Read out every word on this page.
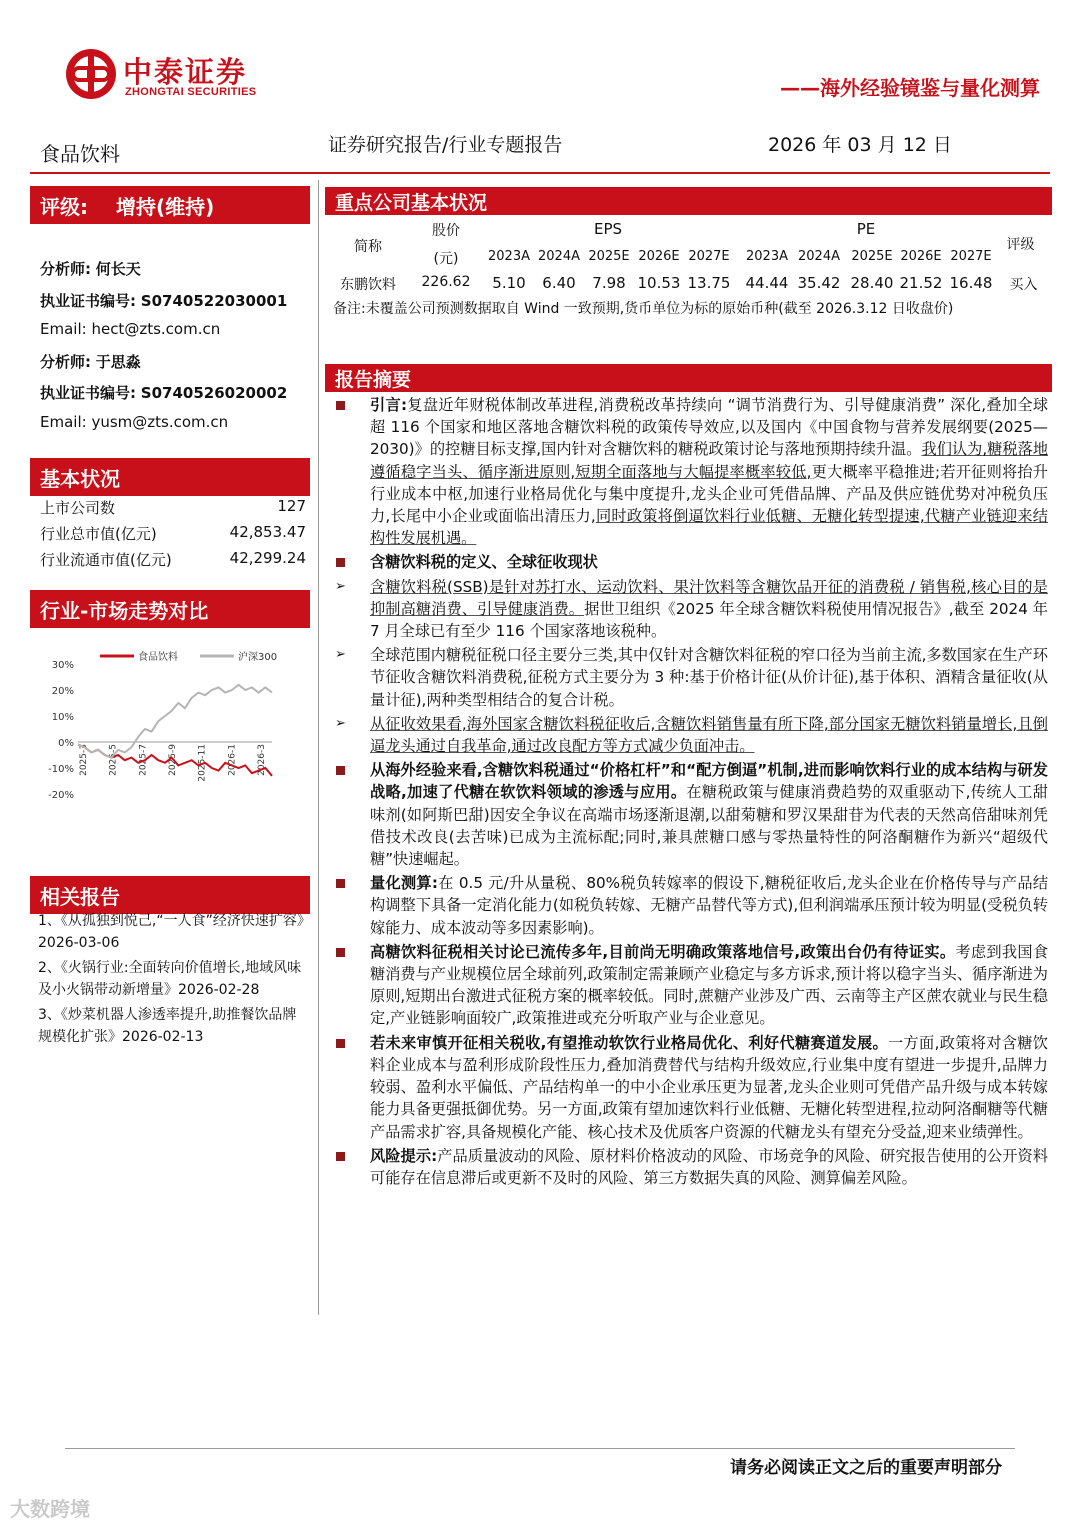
中泰证券
ZHONGTAI SECURITIES	——海外经验镜鉴与量化测算
食品饮料	证券研究报告/行业专题报告	2026 年 03 月 12 日
评级: 增持(维持)
分析师: 何长天
执业证书编号: S0740522030001
Email: hect@zts.com.cn
分析师: 于思淼
执业证书编号: S0740526020002
Email: yusm@zts.com.cn
基本状况
上市公司数	127
行业总市值(亿元)	42,853.47
行业流通市值(亿元)	42,299.24
行业-市场走势对比
30%
20%
10%
0%
-10%
-20%
2025-3 2025-5 2025-7 2025-9 2025-11 2026-1 2026-3
食品饮料	沪深300
相关报告

1、《从孤独到悦己,“一人食”经济快速扩容》2026-03-06

2、《火锅行业:全面转向价值增长,地域风味及小火锅带动新增量》2026-02-28

3、《炒菜机器人渗透率提升,助推餐饮品牌规模化扩张》2026-02-13

重点公司基本状况
简称
股价
(元)
EPS	PE
评级
2023A 2024A 2025E 2026E 2027E	2023A 2024A 2025E 2026E 2027E
东鹏饮料	226.62	5.10	6.40	7.98 10.53 13.75	44.44 35.42 28.40 21.52 16.48	买入
备注:未覆盖公司预测数据取自 Wind 一致预期,货币单位为标的原始币种(截至 2026.3.12 日收盘价)
报告摘要
引言:复盘近年财税体制改革进程,消费税改革持续向 “调节消费行为、引导健康消费” 深化,叠加全球超 116 个国家和地区落地含糖饮料税的政策传导效应,以及国内《中国食物与营养发展纲要(2025—2030)》的控糖目标支撑,国内针对含糖饮料的糖税政策讨论与落地预期持续升温。我们认为,糖税落地遵循稳字当头、循序渐进原则,短期全面落地与大幅提率概率较低,更大概率平稳推进;若开征则将抬升行业成本中枢,加速行业格局优化与集中度提升,龙头企业可凭借品牌、产品及供应链优势对冲税负压力,长尾中小企业或面临出清压力,同时政策将倒逼饮料行业低糖、无糖化转型提速,代糖产业链迎来结构性发展机遇。
含糖饮料税的定义、全球征收现状
➢ 含糖饮料税(SSB)是针对苏打水、运动饮料、果汁饮料等含糖饮品开征的消费税 / 销售税,核心目的是抑制高糖消费、引导健康消费。据世卫组织《2025 年全球含糖饮料税使用情况报告》,截至 2024 年 7 月全球已有至少 116 个国家落地该税种。
➢ 全球范围内糖税征税口径主要分三类,其中仅针对含糖饮料征税的窄口径为当前主流,多数国家在生产环节征收含糖饮料消费税,征税方式主要分为 3 种:基于价格计征(从价计征),基于体积、酒精含量征收(从量计征),两种类型相结合的复合计税。
➢ 从征收效果看,海外国家含糖饮料税征收后,含糖饮料销售量有所下降,部分国家无糖饮料销量增长,且倒逼龙头通过自我革命,通过改良配方等方式减少负面冲击。
从海外经验来看,含糖饮料税通过“价格杠杆”和“配方倒逼”机制,进而影响饮料行业的成本结构与研发战略,加速了代糖在软饮料领域的渗透与应用。在糖税政策与健康消费趋势的双重驱动下,传统人工甜味剂(如阿斯巴甜)因安全争议在高端市场逐渐退潮,以甜菊糖和罗汉果甜苷为代表的天然高倍甜味剂凭借技术改良(去苦味)已成为主流标配;同时,兼具蔗糖口感与零热量特性的阿洛酮糖作为新兴“超级代糖”快速崛起。
量化测算:在 0.5 元/升从量税、80%税负转嫁率的假设下,糖税征收后,龙头企业在价格传导与产品结构调整下具备一定消化能力(如税负转嫁、无糖产品替代等方式),但利润端承压预计较为明显(受税负转嫁能力、成本波动等多因素影响)。
高糖饮料征税相关讨论已流传多年,目前尚无明确政策落地信号,政策出台仍有待证实。考虑到我国食糖消费与产业规模位居全球前列,政策制定需兼顾产业稳定与多方诉求,预计将以稳字当头、循序渐进为原则,短期出台激进式征税方案的概率较低。同时,蔗糖产业涉及广西、云南等主产区蔗农就业与民生稳定,产业链影响面较广,政策推进或充分听取产业与企业意见。
若未来审慎开征相关税收,有望推动软饮行业格局优化、利好代糖赛道发展。一方面,政策将对含糖饮料企业成本与盈利形成阶段性压力,叠加消费替代与结构升级效应,行业集中度有望进一步提升,品牌力较弱、盈利水平偏低、产品结构单一的中小企业承压更为显著,龙头企业则可凭借产品升级与成本转嫁能力具备更强抵御优势。另一方面,政策有望加速饮料行业低糖、无糖化转型进程,拉动阿洛酮糖等代糖产品需求扩容,具备规模化产能、核心技术及优质客户资源的代糖龙头有望充分受益,迎来业绩弹性。
风险提示:产品质量波动的风险、原材料价格波动的风险、市场竞争的风险、研究报告使用的公开资料可能存在信息滞后或更新不及时的风险、第三方数据失真的风险、测算偏差风险。
请务必阅读正文之后的重要声明部分
大数跨境
